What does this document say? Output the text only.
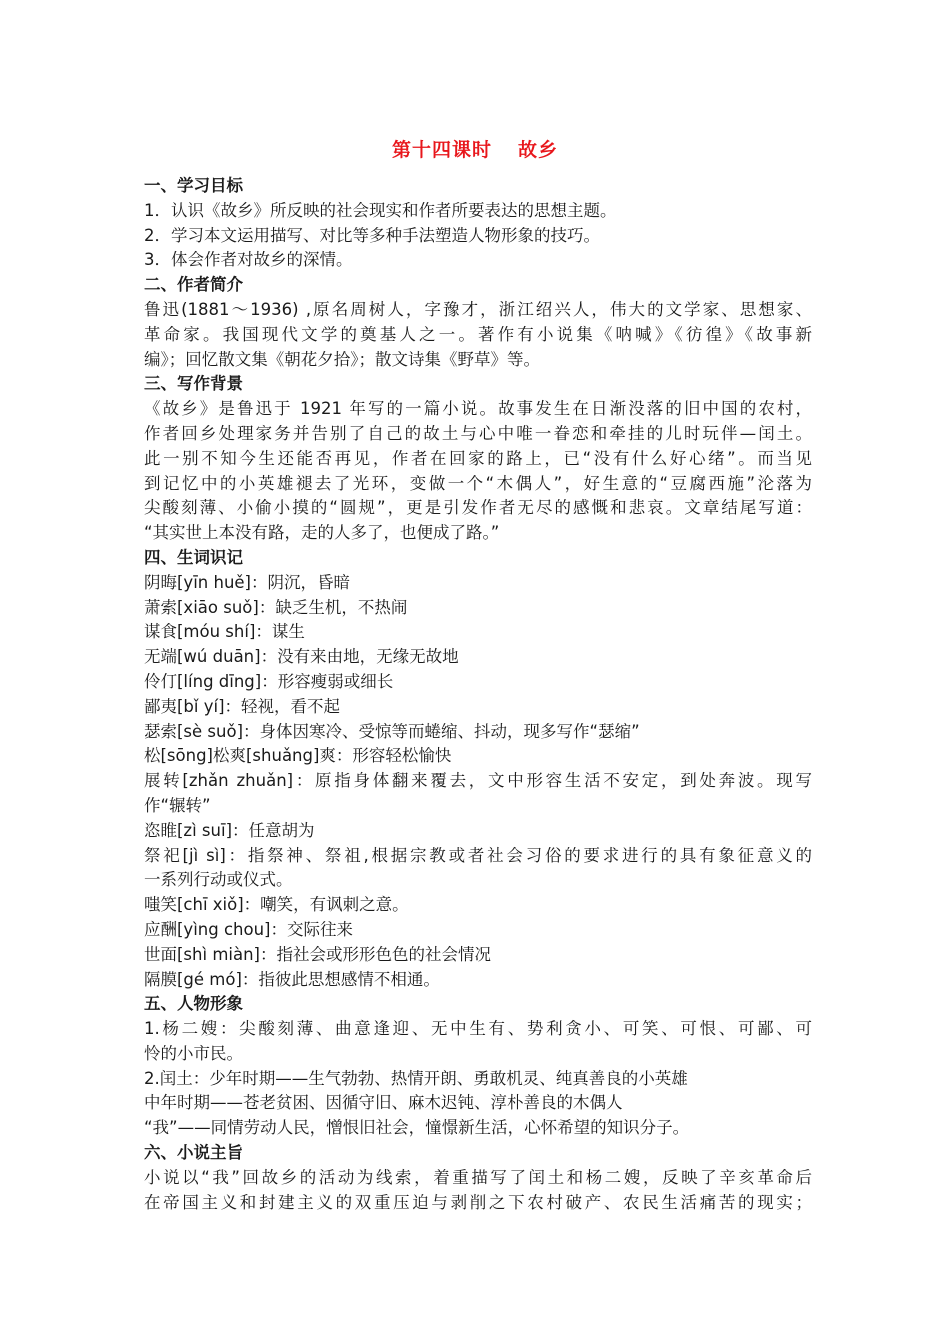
第十四课时 故乡

一、学习目标

1．认识《故乡》所反映的社会现实和作者所要表达的思想主题。

2．学习本文运用描写、对比等多种手法塑造人物形象的技巧。

3．体会作者对故乡的深情。

二、作者简介

鲁迅(1881～1936) ,原名周树人，字豫才，浙江绍兴人，伟大的文学家、思想家、

革命家。我国现代文学的奠基人之一。著作有小说集《呐喊》《彷徨》《故事新

编》；回忆散文集《朝花夕拾》；散文诗集《野草》等。

三、写作背景

《故乡》是鲁迅于 1921 年写的一篇小说。故事发生在日渐没落的旧中国的农村，

作者回乡处理家务并告别了自己的故土与心中唯一眷恋和牵挂的儿时玩伴—闰土。

此一别不知今生还能否再见，作者在回家的路上，已“没有什么好心绪”。而当见

到记忆中的小英雄褪去了光环，变做一个“木偶人”，好生意的“豆腐西施”沦落为

尖酸刻薄、小偷小摸的“圆规”，更是引发作者无尽的感慨和悲哀。文章结尾写道：

“其实世上本没有路，走的人多了，也便成了路。”

四、生词识记

阴晦[yīn huě]：阴沉，昏暗

萧索[xiāo suǒ]：缺乏生机，不热闹

谋食[móu shí]：谋生

无端[wú duān]：没有来由地，无缘无故地

伶仃[líng dīng]：形容瘦弱或细长

鄙夷[bǐ yí]：轻视，看不起

瑟索[sè suǒ]：身体因寒冷、受惊等而蜷缩、抖动，现多写作“瑟缩”

松[sōng]松爽[shuǎng]爽：形容轻松愉快

展转[zhǎn zhuǎn]：原指身体翻来覆去，文中形容生活不安定，到处奔波。现写

作“辗转”

恣睢[zì suī]：任意胡为

祭祀[jì sì]：指祭神、祭祖,根据宗教或者社会习俗的要求进行的具有象征意义的

一系列行动或仪式。

嗤笑[chī xiǒ]：嘲笑，有讽刺之意。

应酬[yìng chou]：交际往来

世面[shì miàn]：指社会或形形色色的社会情况

隔膜[gé mó]：指彼此思想感情不相通。

五、人物形象

1.杨二嫂：尖酸刻薄、曲意逢迎、无中生有、势利贪小、可笑、可恨、可鄙、可

怜的小市民。

2.闰土：少年时期——生气勃勃、热情开朗、勇敢机灵、纯真善良的小英雄

中年时期——苍老贫困、因循守旧、麻木迟钝、淳朴善良的木偶人

“我”——同情劳动人民，憎恨旧社会，憧憬新生活，心怀希望的知识分子。

六、小说主旨

小说以“我”回故乡的活动为线索，着重描写了闰土和杨二嫂，反映了辛亥革命后

在帝国主义和封建主义的双重压迫与剥削之下农村破产、农民生活痛苦的现实；
